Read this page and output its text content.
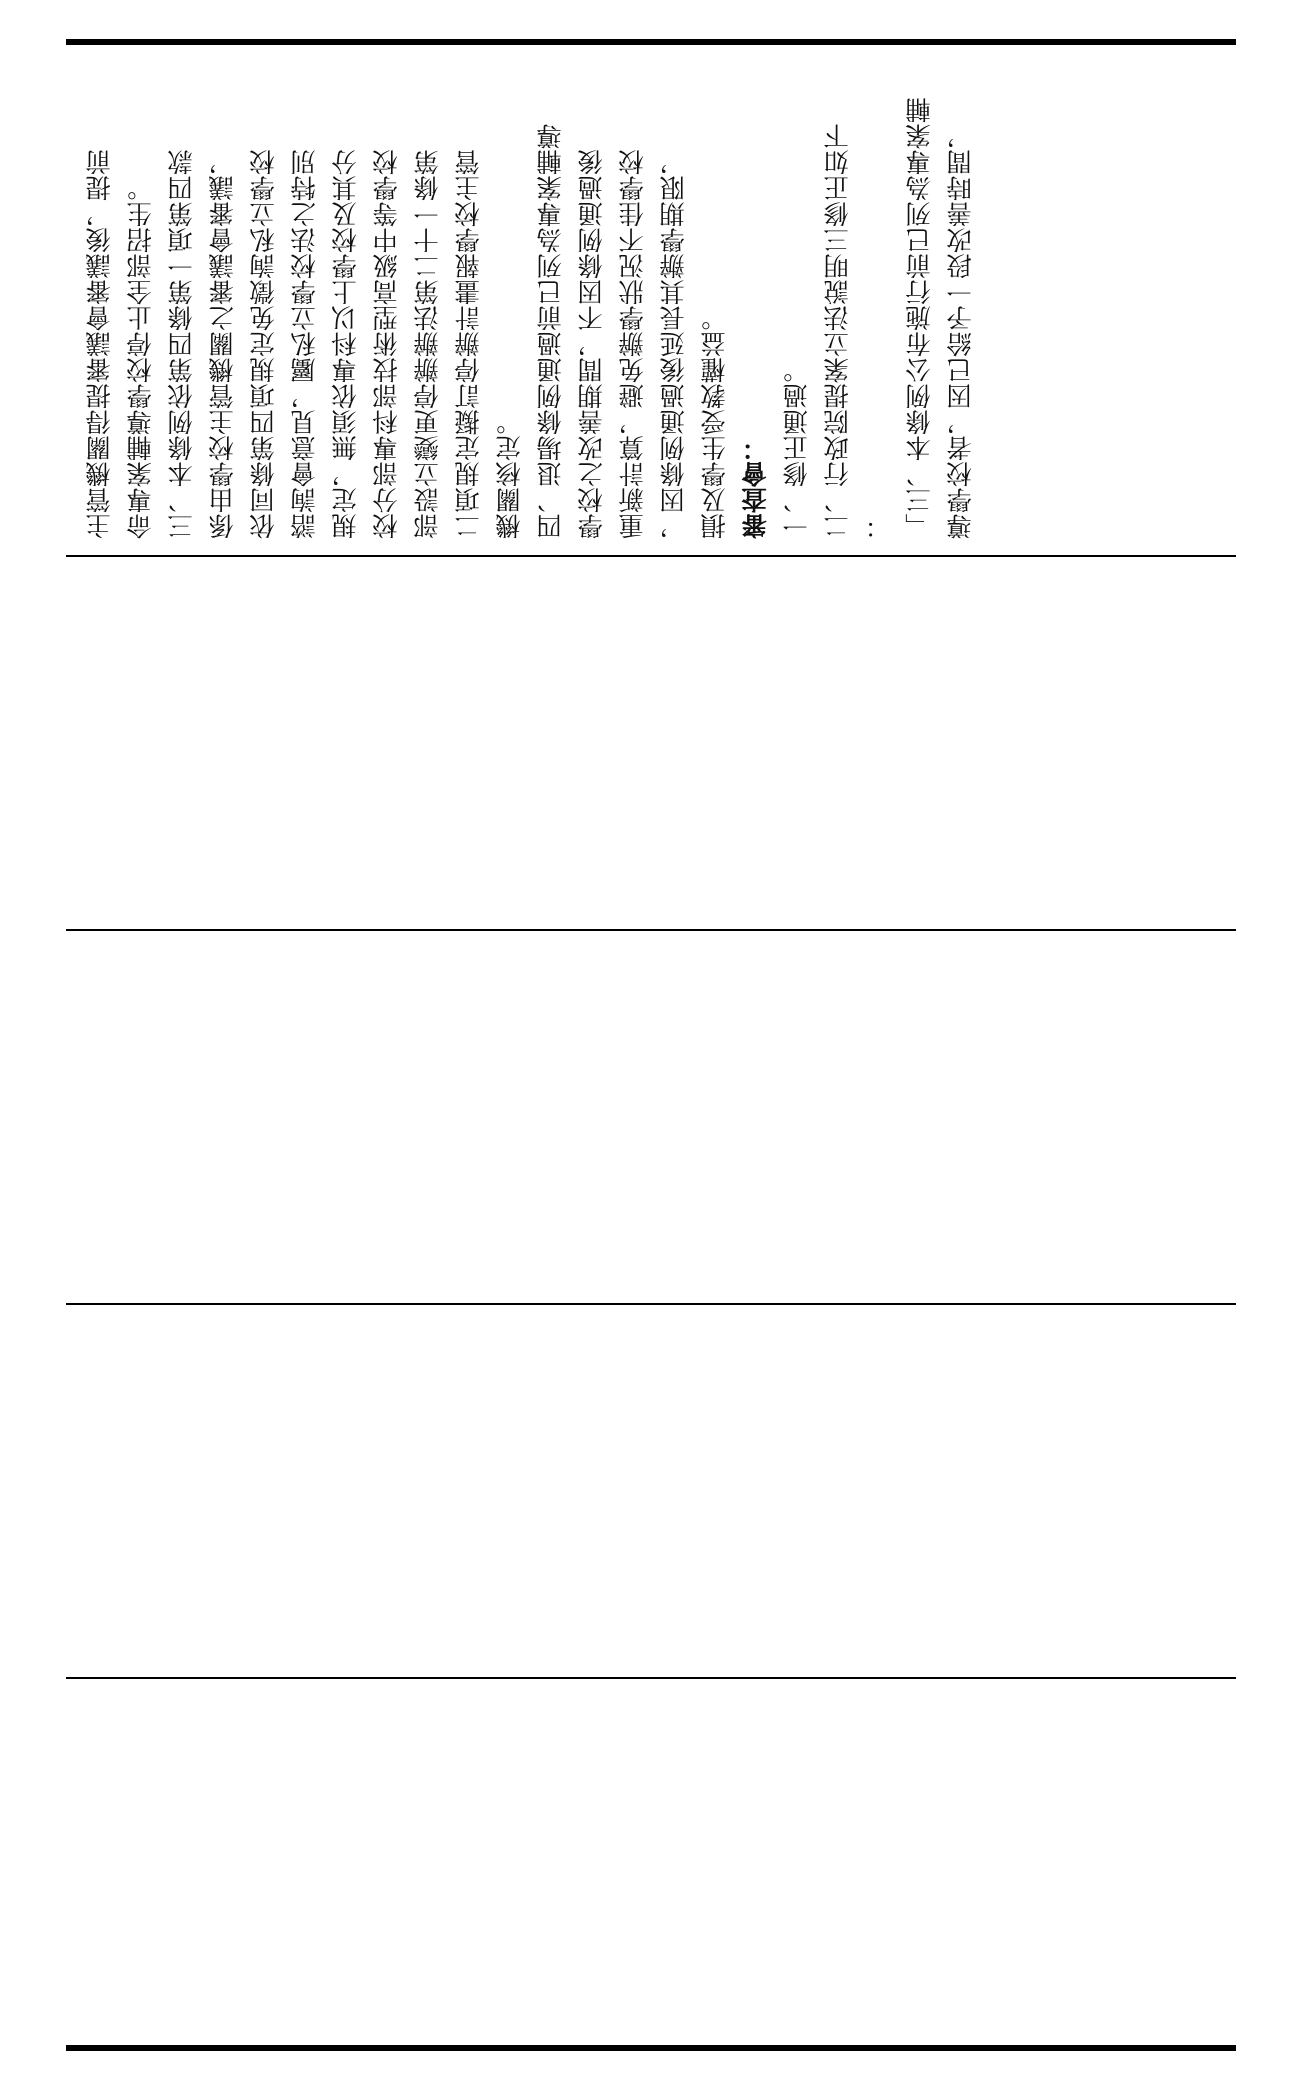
主管機關得提審議會審議後，提前 命專案輔導學校停止全部招生。 三、本條例依第四條第一項第四款 係由學校主管機關之審議會審議， 依同條第四項規定免徵詢私立學校 諮詢會意見，屬私立學校法之特別 規定，無須依專科以上學校及其分 校分部專科部技術型高級中等學校 部設立變更停辦辦法第二十一條第 二項規定擬訂停辦計畫報學校主管 機關核定。 四、退場條例通過前已列為專案輔導 學校之改善期間，不因條例通過後 重新計算，避免辦學狀況不佳學校 ，因條例通過後延長其辦學期限， 損及學生受教權益。 審查會： 一、修正通過。 二、行政院提案立法說明三修正如下 ： 「三、本條例公布施行前已列為專案輔 導學校者，因已給予一段改善時間，
